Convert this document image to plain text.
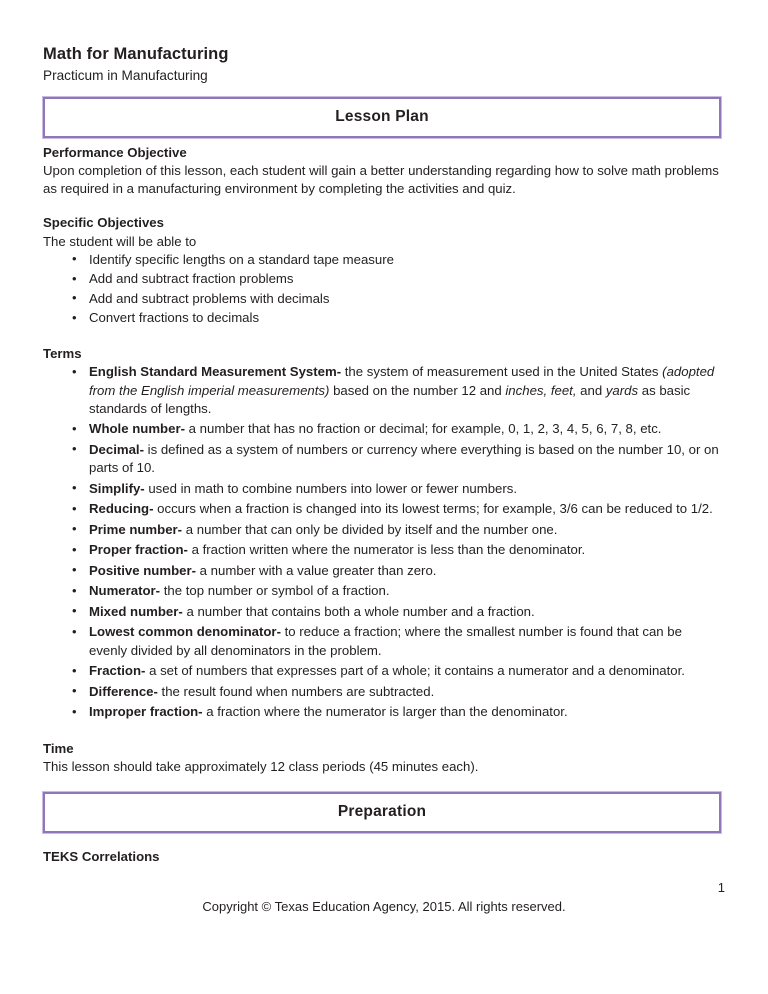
Math for Manufacturing
Practicum in Manufacturing
Lesson Plan
Performance Objective
Upon completion of this lesson, each student will gain a better understanding regarding how to solve math problems as required in a manufacturing environment by completing the activities and quiz.
Specific Objectives
The student will be able to
• Identify specific lengths on a standard tape measure
• Add and subtract fraction problems
• Add and subtract problems with decimals
• Convert fractions to decimals
Terms
• English Standard Measurement System- the system of measurement used in the United States (adopted from the English imperial measurements) based on the number 12 and inches, feet, and yards as basic standards of lengths.
• Whole number- a number that has no fraction or decimal; for example, 0, 1, 2, 3, 4, 5, 6, 7, 8, etc.
• Decimal- is defined as a system of numbers or currency where everything is based on the number 10, or on parts of 10.
• Simplify- used in math to combine numbers into lower or fewer numbers.
• Reducing- occurs when a fraction is changed into its lowest terms; for example, 3/6 can be reduced to 1/2.
• Prime number- a number that can only be divided by itself and the number one.
• Proper fraction- a fraction written where the numerator is less than the denominator.
• Positive number- a number with a value greater than zero.
• Numerator- the top number or symbol of a fraction.
• Mixed number- a number that contains both a whole number and a fraction.
• Lowest common denominator- to reduce a fraction; where the smallest number is found that can be evenly divided by all denominators in the problem.
• Fraction- a set of numbers that expresses part of a whole; it contains a numerator and a denominator.
• Difference- the result found when numbers are subtracted.
• Improper fraction- a fraction where the numerator is larger than the denominator.
Time
This lesson should take approximately 12 class periods (45 minutes each).
Preparation
TEKS Correlations
1
Copyright © Texas Education Agency, 2015. All rights reserved.
